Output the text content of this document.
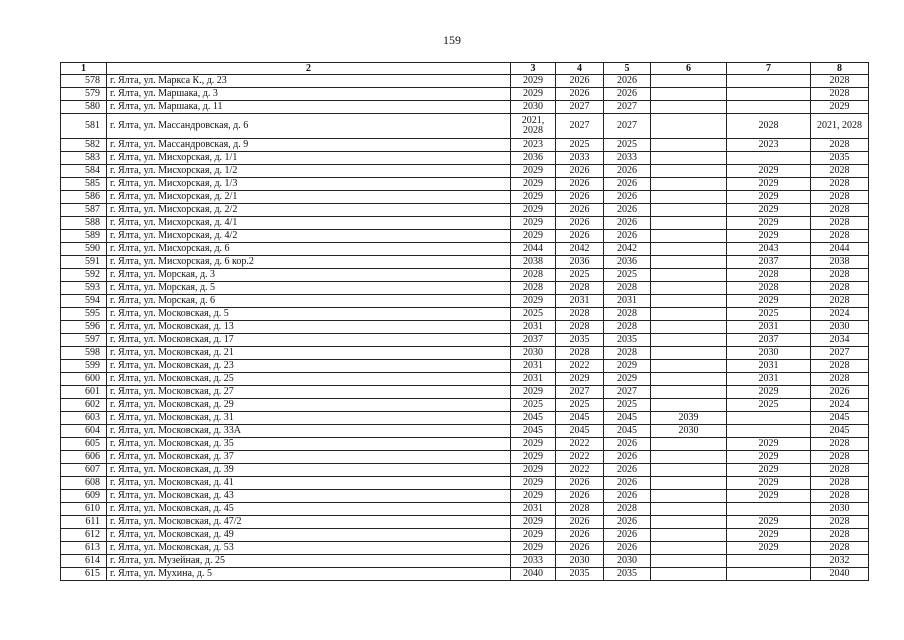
159
1	2	3	4	5	6	7	8
578	г. Ялта, ул. Маркса К., д. 23	2029	2026	2026			2028
579	г. Ялта, ул. Маршака, д. 3	2029	2026	2026			2028
580	г. Ялта, ул. Маршака, д. 11	2030	2027	2027			2029
581	г. Ялта, ул. Массандровская, д. 6	2021, 2028	2027	2027		2028	2021, 2028
582	г. Ялта, ул. Массандровская, д. 9	2023	2025	2025		2023	2028
583	г. Ялта, ул. Мисхорская, д. 1/1	2036	2033	2033			2035
584	г. Ялта, ул. Мисхорская, д. 1/2	2029	2026	2026		2029	2028
585	г. Ялта, ул. Мисхорская, д. 1/3	2029	2026	2026		2029	2028
586	г. Ялта, ул. Мисхорская, д. 2/1	2029	2026	2026		2029	2028
587	г. Ялта, ул. Мисхорская, д. 2/2	2029	2026	2026		2029	2028
588	г. Ялта, ул. Мисхорская, д. 4/1	2029	2026	2026		2029	2028
589	г. Ялта, ул. Мисхорская, д. 4/2	2029	2026	2026		2029	2028
590	г. Ялта, ул. Мисхорская, д. 6	2044	2042	2042		2043	2044
591	г. Ялта, ул. Мисхорская, д. 6 кор.2	2038	2036	2036		2037	2038
592	г. Ялта, ул. Морская, д. 3	2028	2025	2025		2028	2028
593	г. Ялта, ул. Морская, д. 5	2028	2028	2028		2028	2028
594	г. Ялта, ул. Морская, д. 6	2029	2031	2031		2029	2028
595	г. Ялта, ул. Московская, д. 5	2025	2028	2028		2025	2024
596	г. Ялта, ул. Московская, д. 13	2031	2028	2028		2031	2030
597	г. Ялта, ул. Московская, д. 17	2037	2035	2035		2037	2034
598	г. Ялта, ул. Московская, д. 21	2030	2028	2028		2030	2027
599	г. Ялта, ул. Московская, д. 23	2031	2022	2029		2031	2028
600	г. Ялта, ул. Московская, д. 25	2031	2029	2029		2031	2028
601	г. Ялта, ул. Московская, д. 27	2029	2027	2027		2029	2026
602	г. Ялта, ул. Московская, д. 29	2025	2025	2025		2025	2024
603	г. Ялта, ул. Московская, д. 31	2045	2045	2045	2039		2045
604	г. Ялта, ул. Московская, д. 33А	2045	2045	2045	2030		2045
605	г. Ялта, ул. Московская, д. 35	2029	2022	2026		2029	2028
606	г. Ялта, ул. Московская, д. 37	2029	2022	2026		2029	2028
607	г. Ялта, ул. Московская, д. 39	2029	2022	2026		2029	2028
608	г. Ялта, ул. Московская, д. 41	2029	2026	2026		2029	2028
609	г. Ялта, ул. Московская, д. 43	2029	2026	2026		2029	2028
610	г. Ялта, ул. Московская, д. 45	2031	2028	2028			2030
611	г. Ялта, ул. Московская, д. 47/2	2029	2026	2026		2029	2028
612	г. Ялта, ул. Московская, д. 49	2029	2026	2026		2029	2028
613	г. Ялта, ул. Московская, д. 53	2029	2026	2026		2029	2028
614	г. Ялта, ул. Музейная, д. 25	2033	2030	2030			2032
615	г. Ялта, ул. Мухина, д. 5	2040	2035	2035			2040
